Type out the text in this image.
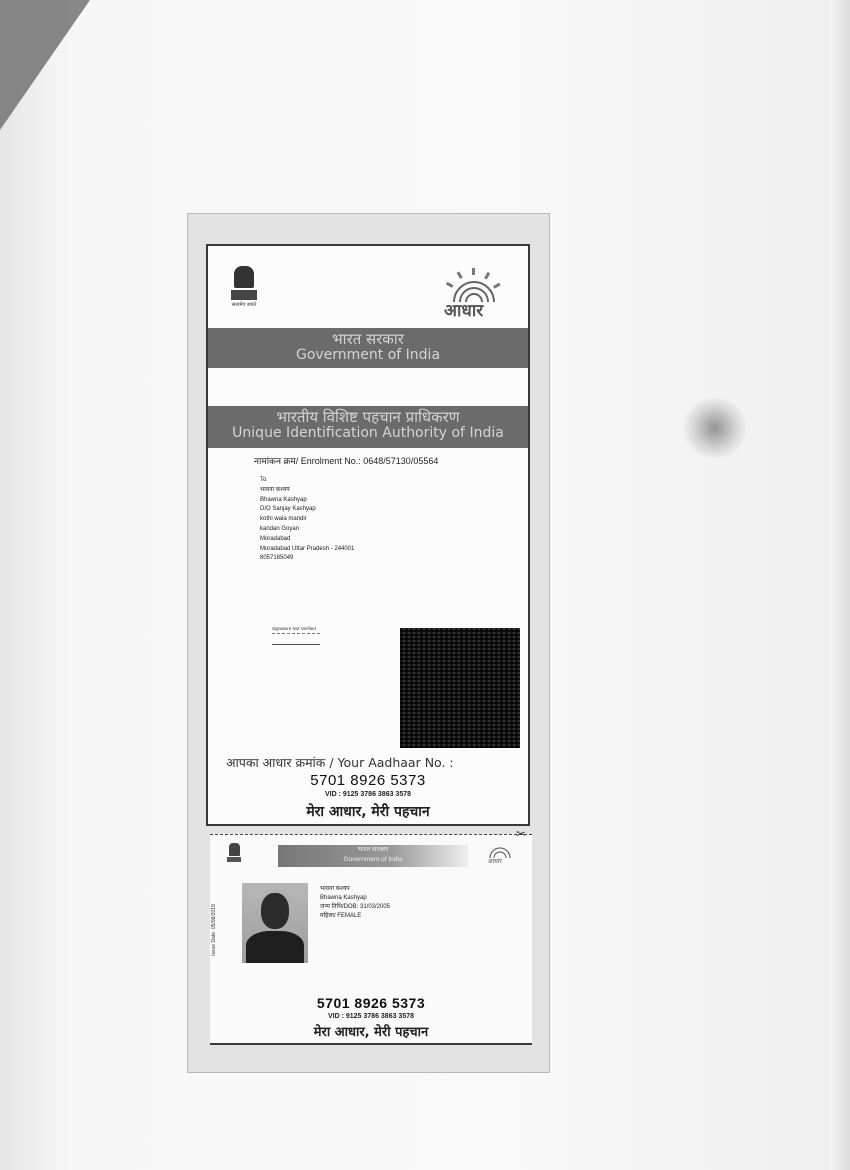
सत्यमेव जयते	आधार
भारत सरकार
Government of India
भारतीय विशिष्ट पहचान प्राधिकरण
Unique Identification Authority of India
नामांकन क्रम/ Enrolment No.: 0648/57130/05564
To
भावना कश्यप
Bhawna Kashyap
D/O Sanjay Kashyap
kothi wala mandir
kandan Goyan
Moradabad
Moradabad Uttar Pradesh - 244001
8057185049
Signature Not Verified
आपका आधार क्रमांक / Your Aadhaar No. :
5701 8926 5373
VID : 9125 3786 3863 3578
मेरा आधार, मेरी पहचान
✂
भारत सरकार
Government of India	आधार
Issue Date: 05/08/2018
भावना कश्यप
Bhawna Kashyap
जन्म तिथि/DOB: 31/03/2005
महिला/ FEMALE
5701 8926 5373
VID : 9125 3786 3863 3578
मेरा आधार, मेरी पहचान
